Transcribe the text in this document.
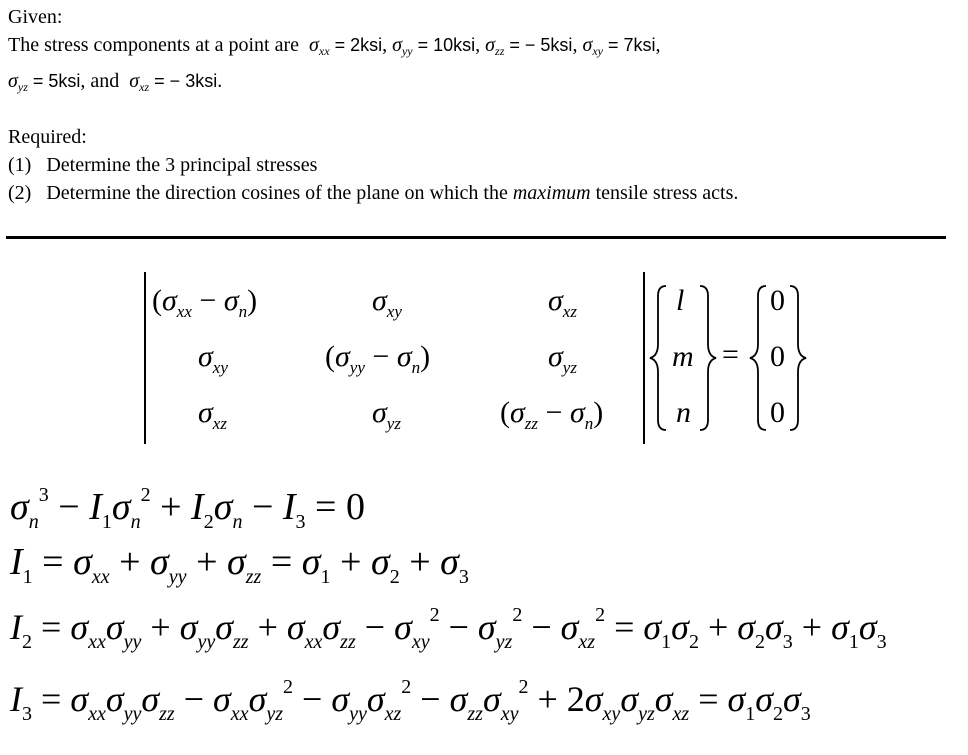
Given:
The stress components at a point are $\sigma_{xx} = 2ksi$, $\sigma_{yy} = 10ksi$, $\sigma_{zz}$ = − 5ksi, $\sigma_{xy} = 7ksi$,
$\sigma_{yz} = 5ksi$, and $\sigma_{xz}$ = − 3ksi.
Required:
(1) Determine the 3 principal stresses
(2) Determine the direction cosines of the plane on which the maximum tensile stress acts.
$(\sigma_{xx} - \sigma_n)$	$\sigma_{xy}$	$\sigma_{xz}$
$\sigma_{xy}$	$(\sigma_{yy} - \sigma_n)$	$\sigma_{yz}$
$\sigma_{xz}$	$\sigma_{yz}$	$(\sigma_{zz} - \sigma_n)$
l
m
n
=
0
0
0
$\sigma_n^3 - I_1\sigma_n^2 + I_2\sigma_n - I_3 = 0$
$I_1 = \sigma_{xx} + \sigma_{yy} + \sigma_{zz} = \sigma_1 + \sigma_2 + \sigma_3$
$I_2 = \sigma_{xx}\sigma_{yy} + \sigma_{yy}\sigma_{zz} + \sigma_{xx}\sigma_{zz} - \sigma_{xy}^2 - \sigma_{yz}^2 - \sigma_{xz}^2 = \sigma_1\sigma_2 + \sigma_2\sigma_3 + \sigma_1\sigma_3$
$I_3 = \sigma_{xx}\sigma_{yy}\sigma_{zz} - \sigma_{xx}\sigma_{yz}^2 - \sigma_{yy}\sigma_{xz}^2 - \sigma_{zz}\sigma_{xy}^2 + 2\sigma_{xy}\sigma_{yz}\sigma_{xz} = \sigma_1\sigma_2\sigma_3$
